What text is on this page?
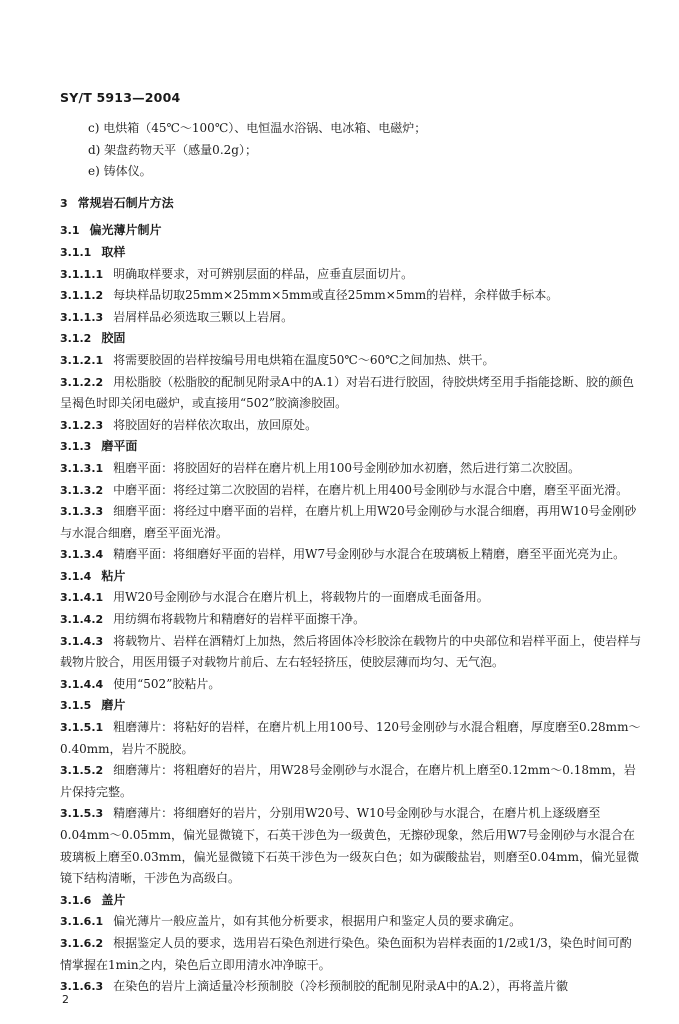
SY/T 5913—2004
c) 电烘箱（45℃～100℃）、电恒温水浴锅、电冰箱、电磁炉；
d) 架盘药物天平（感量0.2g）；
e) 铸体仪。
3 常规岩石制片方法
3.1 偏光薄片制片
3.1.1 取样
3.1.1.1 明确取样要求，对可辨别层面的样品，应垂直层面切片。
3.1.1.2 每块样品切取25mm×25mm×5mm或直径25mm×5mm的岩样，余样做手标本。
3.1.1.3 岩屑样品必须选取三颗以上岩屑。
3.1.2 胶固
3.1.2.1 将需要胶固的岩样按编号用电烘箱在温度50℃～60℃之间加热、烘干。
3.1.2.2 用松脂胶（松脂胶的配制见附录A中的A.1）对岩石进行胶固，待胶烘烤至用手指能捻断、胶的颜色呈褐色时即关闭电磁炉，或直接用“502”胶滴渗胶固。
3.1.2.3 将胶固好的岩样依次取出，放回原处。
3.1.3 磨平面
3.1.3.1 粗磨平面：将胶固好的岩样在磨片机上用100号金刚砂加水初磨，然后进行第二次胶固。
3.1.3.2 中磨平面：将经过第二次胶固的岩样，在磨片机上用400号金刚砂与水混合中磨，磨至平面光滑。
3.1.3.3 细磨平面：将经过中磨平面的岩样，在磨片机上用W20号金刚砂与水混合细磨，再用W10号金刚砂与水混合细磨，磨至平面光滑。
3.1.3.4 精磨平面：将细磨好平面的岩样，用W7号金刚砂与水混合在玻璃板上精磨，磨至平面光亮为止。
3.1.4 粘片
3.1.4.1 用W20号金刚砂与水混合在磨片机上，将载物片的一面磨成毛面备用。
3.1.4.2 用纺绸布将载物片和精磨好的岩样平面擦干净。
3.1.4.3 将载物片、岩样在酒精灯上加热，然后将固体冷杉胶涂在载物片的中央部位和岩样平面上，使岩样与载物片胶合，用医用镊子对载物片前后、左右轻轻挤压，使胶层薄而均匀、无气泡。
3.1.4.4 使用“502”胶粘片。
3.1.5 磨片
3.1.5.1 粗磨薄片：将粘好的岩样，在磨片机上用100号、120号金刚砂与水混合粗磨，厚度磨至0.28mm～0.40mm，岩片不脱胶。
3.1.5.2 细磨薄片：将粗磨好的岩片，用W28号金刚砂与水混合，在磨片机上磨至0.12mm～0.18mm，岩片保持完整。
3.1.5.3 精磨薄片：将细磨好的岩片，分别用W20号、W10号金刚砂与水混合，在磨片机上逐级磨至0.04mm～0.05mm，偏光显微镜下，石英干涉色为一级黄色，无擦砂现象，然后用W7号金刚砂与水混合在玻璃板上磨至0.03mm，偏光显微镜下石英干涉色为一级灰白色；如为碳酸盐岩，则磨至0.04mm，偏光显微镜下结构清晰，干涉色为高级白。
3.1.6 盖片
3.1.6.1 偏光薄片一般应盖片，如有其他分析要求，根据用户和鉴定人员的要求确定。
3.1.6.2 根据鉴定人员的要求，选用岩石染色剂进行染色。染色面积为岩样表面的1/2或1/3，染色时间可酌情掌握在1min之内，染色后立即用清水冲净晾干。
3.1.6.3 在染色的岩片上滴适量冷杉预制胶（冷杉预制胶的配制见附录A中的A.2），再将盖片徽
2
